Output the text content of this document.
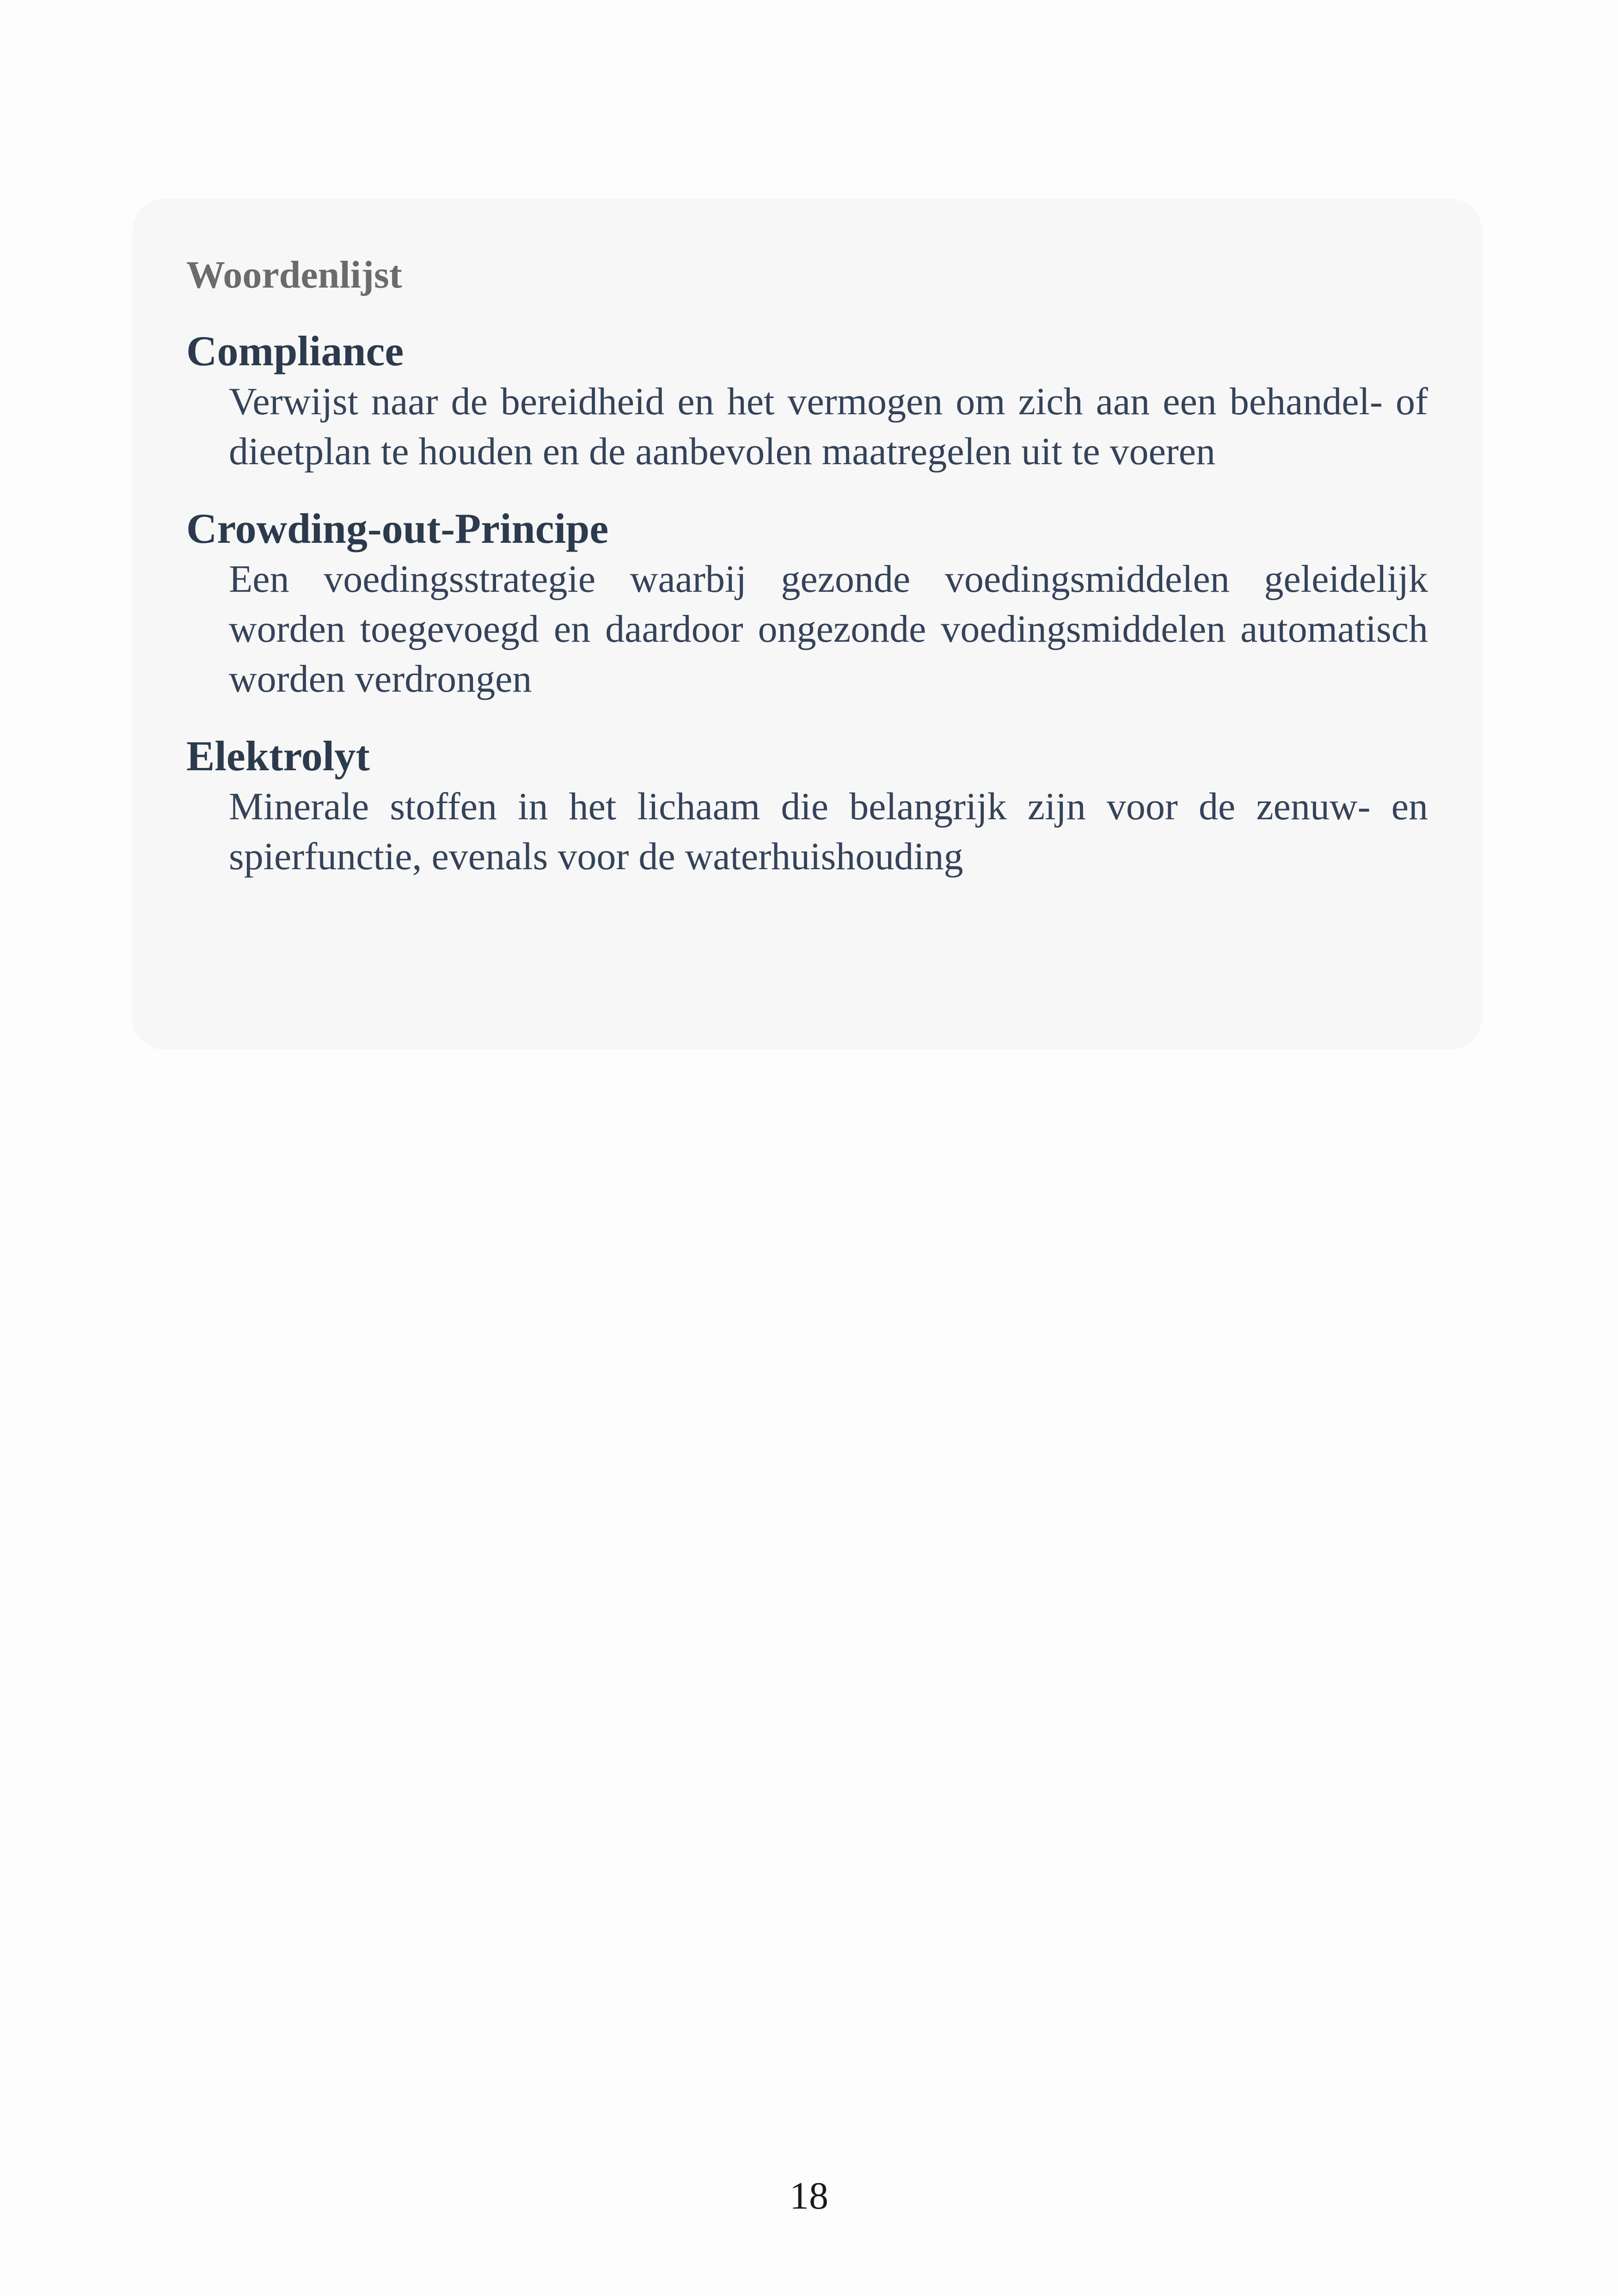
Woordenlijst
Compliance
Verwijst naar de bereidheid en het vermogen om zich aan een behandel- of dieetplan te houden en de aanbevolen maatregelen uit te voeren
Crowding-out-Principe
Een voedingsstrategie waarbij gezonde voedingsmiddelen geleidelijk worden toegevoegd en daardoor ongezonde voedingsmiddelen automatisch worden verdrongen
Elektrolyt
Minerale stoffen in het lichaam die belangrijk zijn voor de zenuw- en spierfunctie, evenals voor de waterhuishouding
18
